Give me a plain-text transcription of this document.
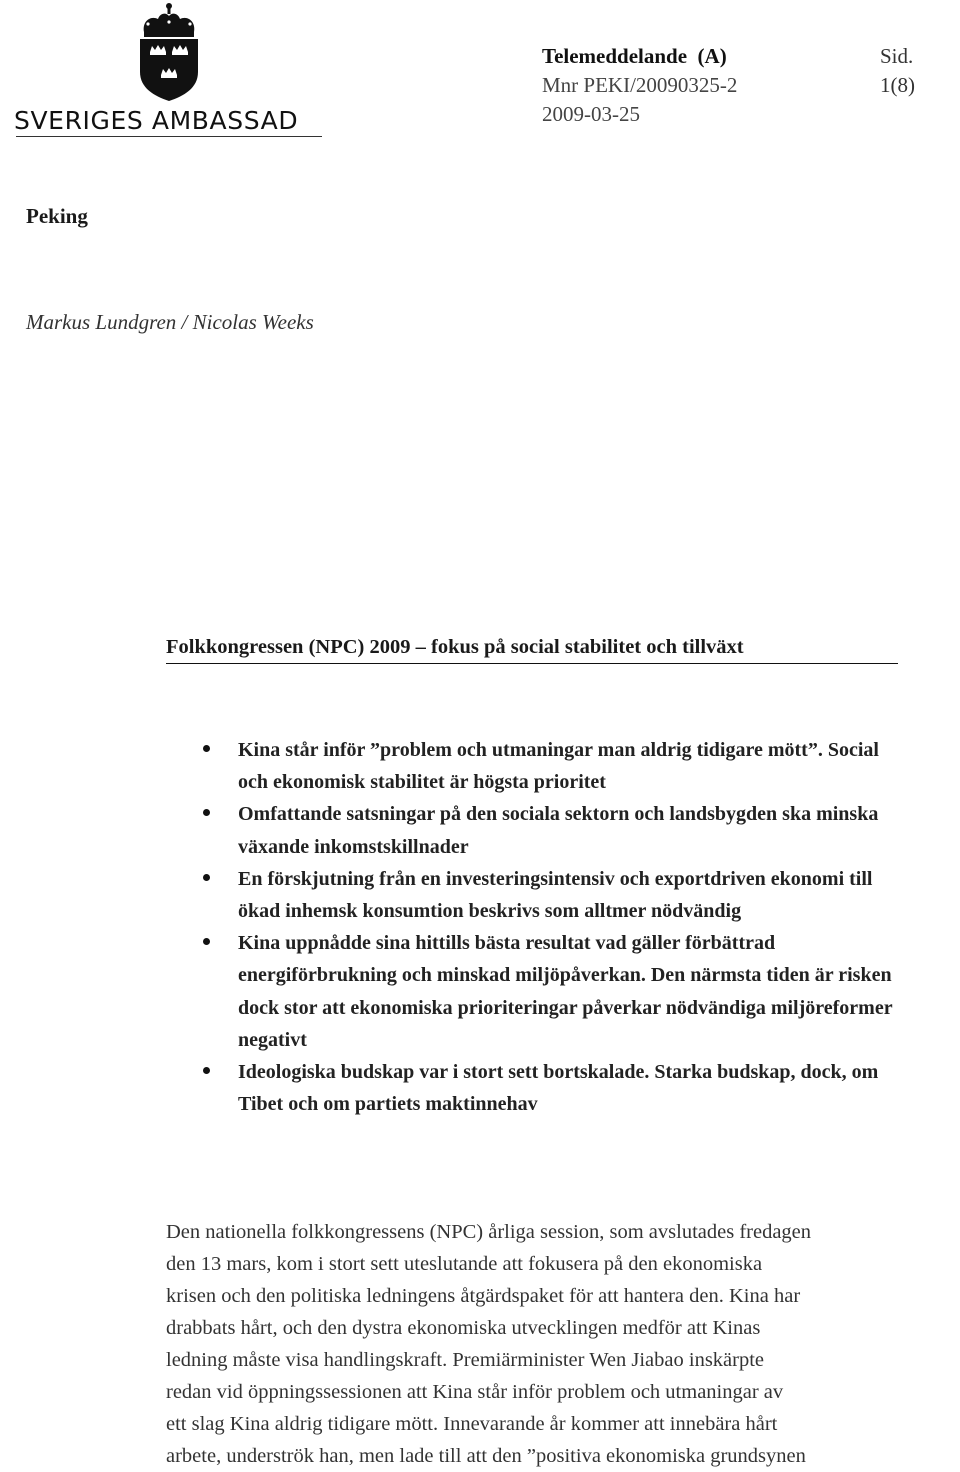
SVERIGES AMBASSAD
Telemeddelande  (A)	Sid. 1(8)
Mnr PEKI/20090325-2
2009-03-25
Peking
Markus Lundgren / Nicolas Weeks
Folkkongressen (NPC) 2009 – fokus på social stabilitet och tillväxt
Kina står inför ”problem och utmaningar man aldrig tidigare mött”. Social och ekonomisk stabilitet är högsta prioritet
Omfattande satsningar på den sociala sektorn och landsbygden ska minska växande inkomstskillnader
En förskjutning från en investeringsintensiv och exportdriven ekonomi till ökad inhemsk konsumtion beskrivs som alltmer nödvändig
Kina uppnådde sina hittills bästa resultat vad gäller förbättrad energiförbrukning och minskad miljöpåverkan. Den närmsta tiden är risken dock stor att ekonomiska prioriteringar påverkar nödvändiga miljöreformer negativt
Ideologiska budskap var i stort sett bortskalade. Starka budskap, dock, om Tibet och om partiets maktinnehav
Den nationella folkkongressens (NPC) årliga session, som avslutades fredagen
den 13 mars, kom i stort sett uteslutande att fokusera på den ekonomiska
krisen och den politiska ledningens åtgärdspaket för att hantera den. Kina har
drabbats hårt, och den dystra ekonomiska utvecklingen medför att Kinas
ledning måste visa handlingskraft. Premiärminister Wen Jiabao inskärpte
redan vid öppningssessionen att Kina står inför problem och utmaningar av
ett slag Kina aldrig tidigare mött. Innevarande år kommer att innebära hårt
arbete, underströk han, men lade till att den ”positiva ekonomiska grundsynen
